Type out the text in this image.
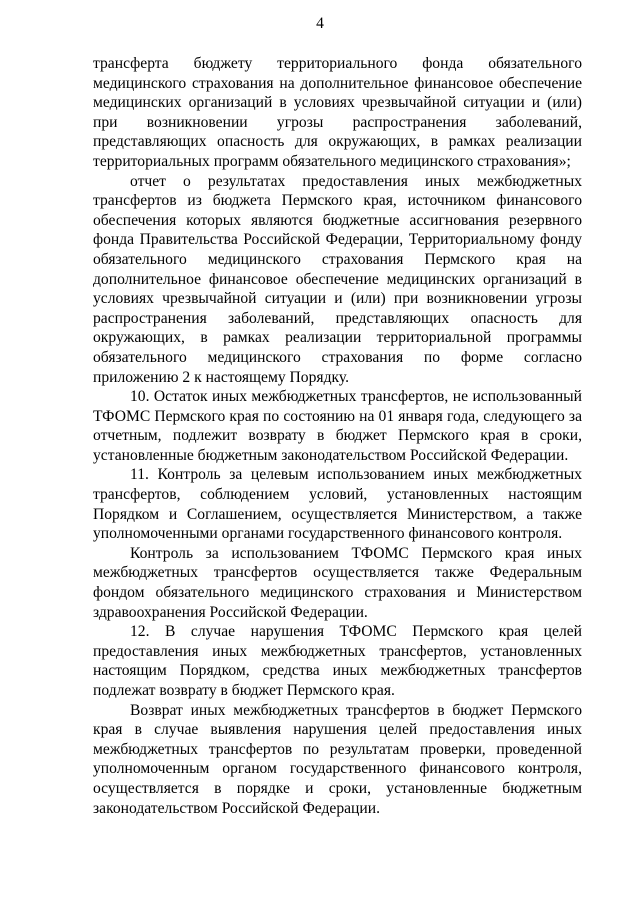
4

трансферта бюджету территориального фонда обязательного медицинского страхования на дополнительное финансовое обеспечение медицинских организаций в условиях чрезвычайной ситуации и (или) при возникновении угрозы распространения заболеваний, представляющих опасность для окружающих, в рамках реализации территориальных программ обязательного медицинского страхования»;

отчет о результатах предоставления иных межбюджетных трансфертов из бюджета Пермского края, источником финансового обеспечения которых являются бюджетные ассигнования резервного фонда Правительства Российской Федерации, Территориальному фонду обязательного медицинского страхования Пермского края на дополнительное финансовое обеспечение медицинских организаций в условиях чрезвычайной ситуации и (или) при возникновении угрозы распространения заболеваний, представляющих опасность для окружающих, в рамках реализации территориальной программы обязательного медицинского страхования по форме согласно приложению 2 к настоящему Порядку.

10. Остаток иных межбюджетных трансфертов, не использованный ТФОМС Пермского края по состоянию на 01 января года, следующего за отчетным, подлежит возврату в бюджет Пермского края в сроки, установленные бюджетным законодательством Российской Федерации.

11. Контроль за целевым использованием иных межбюджетных трансфертов, соблюдением условий, установленных настоящим Порядком и Соглашением, осуществляется Министерством, а также уполномоченными органами государственного финансового контроля.

Контроль за использованием ТФОМС Пермского края иных межбюджетных трансфертов осуществляется также Федеральным фондом обязательного медицинского страхования и Министерством здравоохранения Российской Федерации.

12. В случае нарушения ТФОМС Пермского края целей предоставления иных межбюджетных трансфертов, установленных настоящим Порядком, средства иных межбюджетных трансфертов подлежат возврату в бюджет Пермского края.

Возврат иных межбюджетных трансфертов в бюджет Пермского края в случае выявления нарушения целей предоставления иных межбюджетных трансфертов по результатам проверки, проведенной уполномоченным органом государственного финансового контроля, осуществляется в порядке и сроки, установленные бюджетным законодательством Российской Федерации.
